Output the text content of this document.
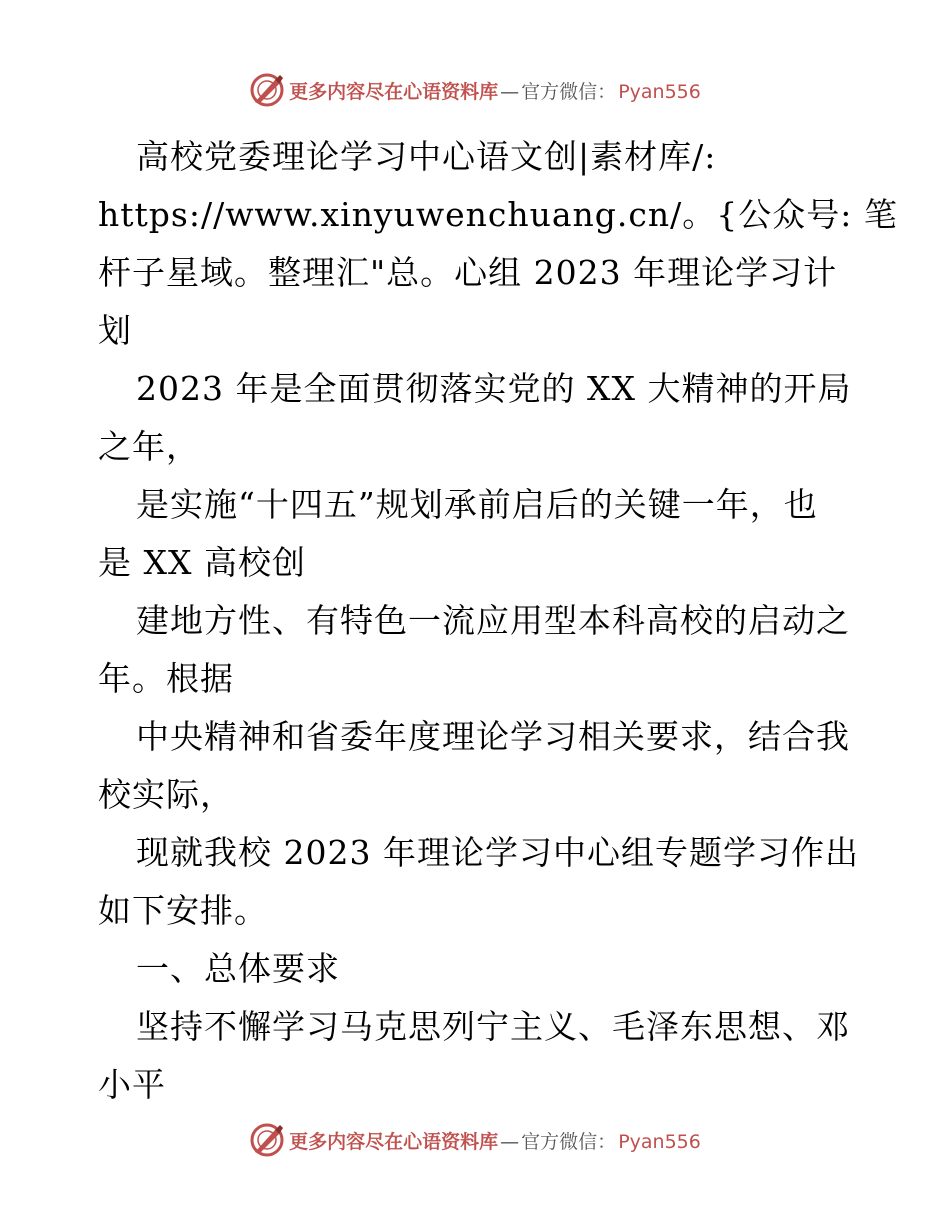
更多内容尽在心语资料库 — 官方微信： Pyan556
高校党委理论学习中心语文创|素材库/:
https://www.xinyuwenchuang.cn/。{公众号: 笔
杆子星域。整理汇"总。心组 2023 年理论学习计
划
2023 年是全面贯彻落实党的 XX 大精神的开局
之年，
是实施“十四五”规划承前启后的关键一年，也
是 XX 高校创
建地方性、有特色一流应用型本科高校的启动之
年。根据
中央精神和省委年度理论学习相关要求，结合我
校实际，
现就我校 2023 年理论学习中心组专题学习作出
如下安排。
一、总体要求
坚持不懈学习马克思列宁主义、毛泽东思想、邓
小平
更多内容尽在心语资料库 — 官方微信： Pyan556
